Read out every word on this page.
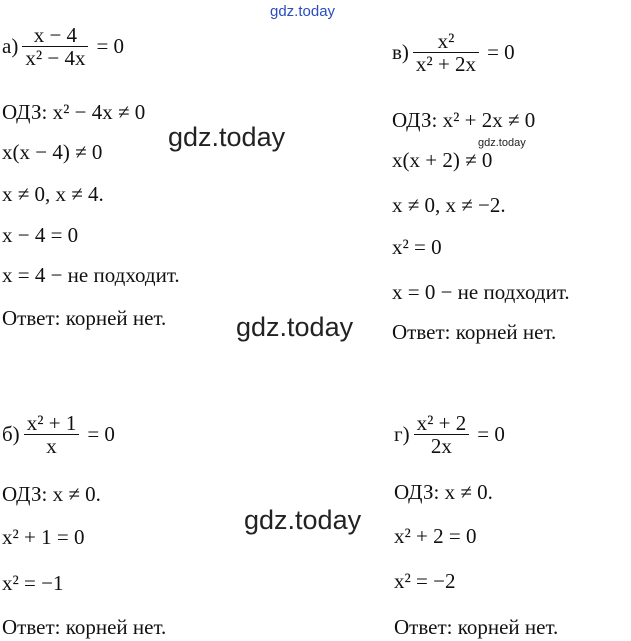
gdz.today
gdz.today
gdz.today
gdz.today
gdz.today
$а) \frac{x - 4}{\text{x² − 4x}} = 0$
ОДЗ: x² − 4x ≠ 0
x(x − 4) ≠ 0
x ≠ 0, x ≠ 4.
x − 4 = 0
x = 4 − не подходит.
Ответ: корней нет.
$в) \frac{\text{x²}}{\text{x² + 2x}} = 0$
ОДЗ: x² + 2x ≠ 0
x(x + 2) ≠ 0
x ≠ 0, x ≠ −2.
x² = 0
x = 0 − не подходит.
Ответ: корней нет.
$б) \frac{\text{x² + 1}}{x} = 0$
ОДЗ: x ≠ 0.
x² + 1 = 0
x² = −1
Ответ: корней нет.
$г) \frac{\text{x² + 2}}{2x} = 0$
ОДЗ: x ≠ 0.
x² + 2 = 0
x² = −2
Ответ: корней нет.
